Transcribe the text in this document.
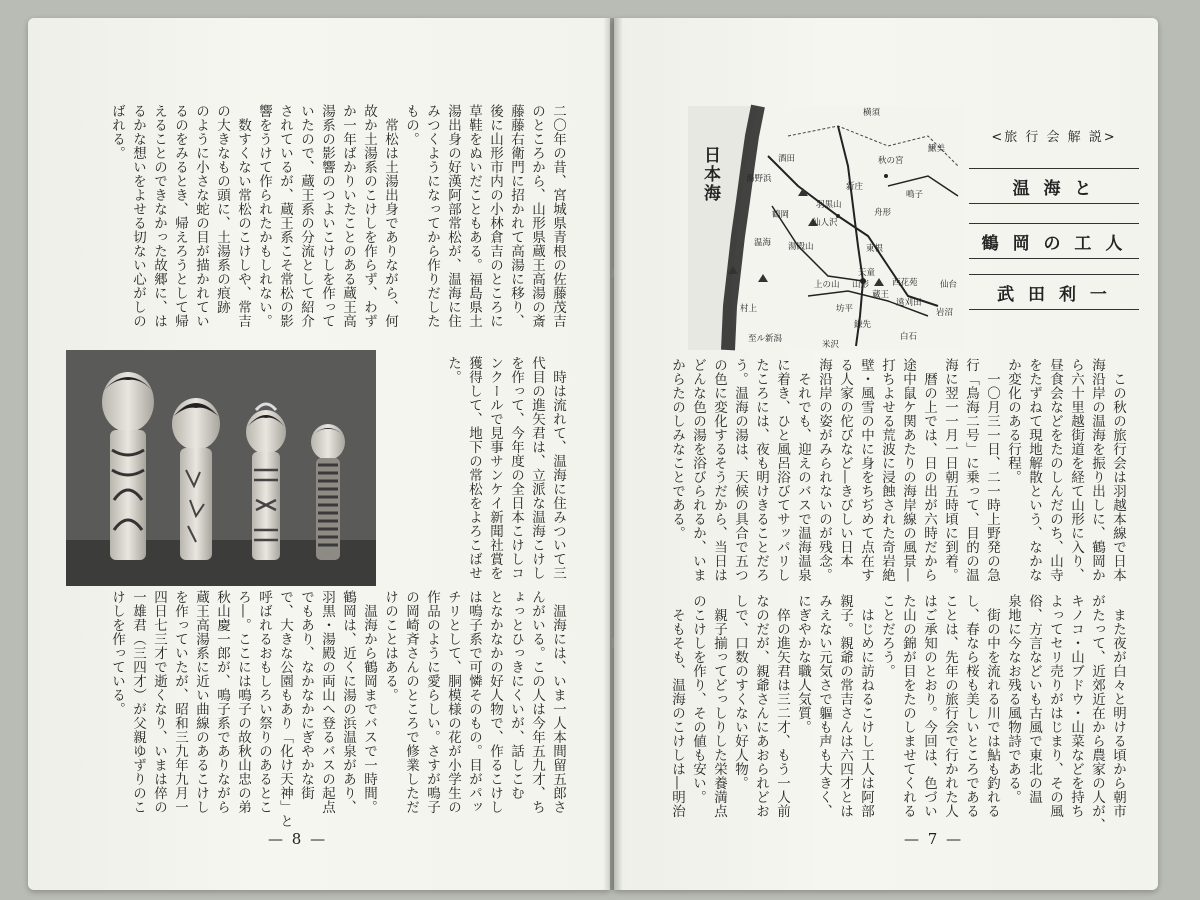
二〇年の昔、宮城県青根の佐藤茂吉
のところから、山形県蔵王高湯の斎
藤藤右衛門に招かれて高湯に移り、
後に山形市内の小林倉吉のところに
草鞋をぬいだこともある。福島県土
湯出身の好漢阿部常松が、温海に住
みつくようになってから作りだした
もの。
　常松は土湯出身でありながら、何
故か土湯系のこけしを作らず、わず
か一年ばかりいたことのある蔵王高
湯系の影響のつよいこけしを作って
いたので、蔵王系の分流として紹介
されているが、蔵王系こそ常松の影
響をうけて作られたかもしれない。
　数すくない常松のこけしや、常吉
の大きなもの頭に、土湯系の痕跡
のように小さな蛇の目が描かれてい
るのをみるとき、帰えろうとして帰
えることのできなかった故郷に、は
るかな想いをよせる切ない心がしの
ばれる。
　時は流れて、温海に住みついて三
代目の進矢君は、立派な温海こけし
を作って、今年度の全日本こけしコ
ンクールで見事サンケイ新聞社賞を
獲得して、地下の常松をよろこばせ
た。
　温海には、いま一人本間留五郎さ
んがいる。この人は今年五九才、ち
ょっとひっきにくいが、話しこむ
となかなかの好人物で、作るこけし
は鳴子系で可憐そのもの。目がパッ
チリとして、胴模様の花が小学生の
作品のように愛らしい。さすが鳴子
の岡崎斉さんのところで修業しただ
けのことはある。
　温海から鶴岡までバスで一時間。
鶴岡は、近くに湯の浜温泉があり、
羽黒・湯殿の両山へ登るバスの起点
でもあり、なかなかにぎやかな街
で、大きな公園もあり「化け天神」と
呼ばれるおもしろい祭りのあるとこ
ろ―。ここには鳴子の故秋山忠の弟
秋山慶一郎が、鳴子系でありながら
蔵王高湯系に近い曲線のあるこけし
を作っていたが、昭和三九年九月一
四日七三才で逝くなり、いまは倅の
一雄君（三四才）が父親ゆずりのこ
けしを作っている。
— 8 —
日本海
横須
秋の宮
鰍美
酒田
湯野浜
新庄
鳴子
羽黒山
鶴岡	舟形
仙人沢
温海 湯殿山	東根
天童
山形	西花苑
上の山
蔵王
遠刈田
仙台
坊平	岩沼
鎌先
白石
米沢
村上
至ル新潟
<旅 行 会 解 説>
温 海 と
鶴 岡 の 工 人
武 田 利 一
　この秋の旅行会は羽越本線で日本
海沿岸の温海を振り出しに、鶴岡か
ら六十里越街道を経て山形に入り、
昼食会などをたのしんだのち、山寺
をたずねて現地解散という、なかな
か変化のある行程。
　一〇月三一日、二一時上野発の急
行「鳥海二号」に乗って、目的の温
海に翌一一月一日朝五時頃に到着。
　暦の上では、日の出が六時だから
途中鼠ケ関あたりの海岸線の風景―
打ちよせる荒波に浸蝕された奇岩絶
壁・風雪の中に身をちぢめて点在す
る人家の佗びなど―きびしい日本
海沿岸の姿がみられないのが残念。
　それでも、迎えのバスで温海温泉
に着き、ひと風呂浴びてサッパリし
たころには、夜も明けきることだろ
う。温海の湯は、天候の具合で五つ
の色に変化するそうだから、当日は
どんな色の湯を浴びられるか、いま
からたのしみなことである。
　また夜が白々と明ける頃から朝市
がたって、近郊近在から農家の人が、
キノコ・山ブドウ・山菜などを持ち
よってセリ売りがはじまり、その風
俗、方言などいも古風で東北の温
泉地に今なお残る風物詩である。
　街の中を流れる川では鮎も釣れる
し、春なら桜も美しいところである
ことは、先年の旅行会で行かれた人
はご承知のとおり。今回は、色づい
た山の錦が目をたのしませてくれる
ことだろう。
　はじめに訪ねるこけし工人は阿部
親子。親爺の常吉さんは六四才とは
みえない元気さで軀も声も大きく、
にぎやかな職人気質。
　倅の進矢君は三二才、もう一人前
なのだが、親爺さんにあおられどお
しで、口数のすくない好人物。
　親子揃ってどっしりした栄養満点
のこけしを作り、その値も安い。
　そもそも、温海のこけしは―明治
— 7 —
